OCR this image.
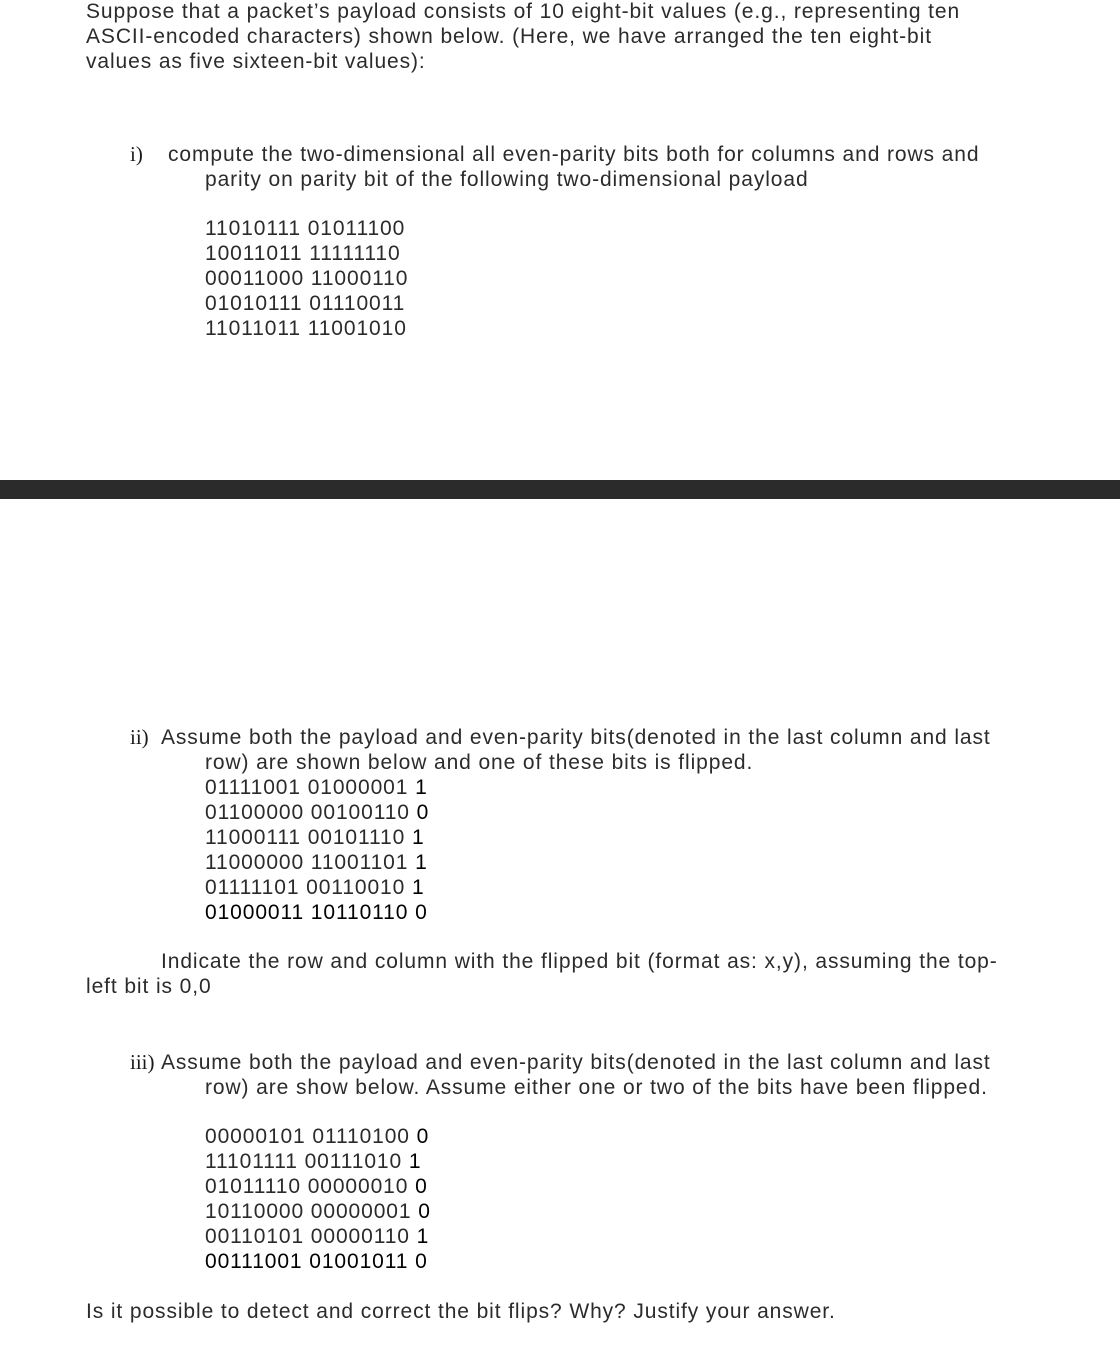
Suppose that a packet’s payload consists of 10 eight-bit values (e.g., representing ten
ASCII-encoded characters) shown below. (Here, we have arranged the ten eight-bit
values as five sixteen-bit values):
i) compute the two-dimensional all even-parity bits both for columns and rows and
parity on parity bit of the following two-dimensional payload
11010111 01011100
10011011 11111110
00011000 11000110
01010111 01110011
11011011 11001010
ii) Assume both the payload and even-parity bits(denoted in the last column and last
row) are shown below and one of these bits is flipped.
01111001 01000001 1
01100000 00100110 0
11000111 00101110 1
11000000 11001101 1
01111101 00110010 1
01000011 10110110 0
Indicate the row and column with the flipped bit (format as: x,y), assuming the top-
left bit is 0,0
iii) Assume both the payload and even-parity bits(denoted in the last column and last
row) are show below. Assume either one or two of the bits have been flipped.
00000101 01110100 0
11101111 00111010 1
01011110 00000010 0
10110000 00000001 0
00110101 00000110 1
00111001 01001011 0
Is it possible to detect and correct the bit flips? Why? Justify your answer.
